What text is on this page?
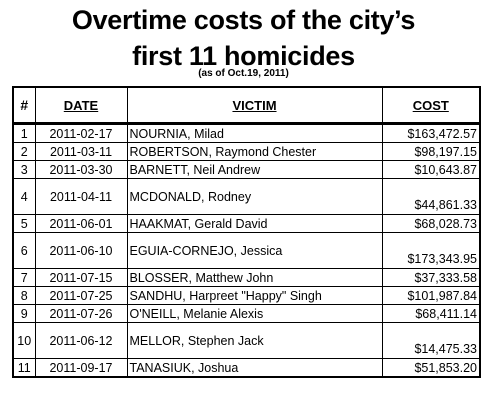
Overtime costs of the city’s
first 11 homicides
(as of Oct.19, 2011)
#	DATE	VICTIM	COST
1	2011-02-17	NOURNIA, Milad	$163,472.57
2	2011-03-11	ROBERTSON, Raymond Chester	$98,197.15
3	2011-03-30	BARNETT, Neil Andrew	$10,643.87
4	2011-04-11	MCDONALD, Rodney	$44,861.33
5	2011-06-01	HAAKMAT, Gerald David	$68,028.73
6	2011-06-10	EGUIA-CORNEJO, Jessica	$173,343.95
7	2011-07-15	BLOSSER, Matthew John	$37,333.58
8	2011-07-25	SANDHU, Harpreet "Happy" Singh	$101,987.84
9	2011-07-26	O'NEILL, Melanie Alexis	$68,411.14
10	2011-06-12	MELLOR, Stephen Jack	$14,475.33
11	2011-09-17	TANASIUK, Joshua	$51,853.20
